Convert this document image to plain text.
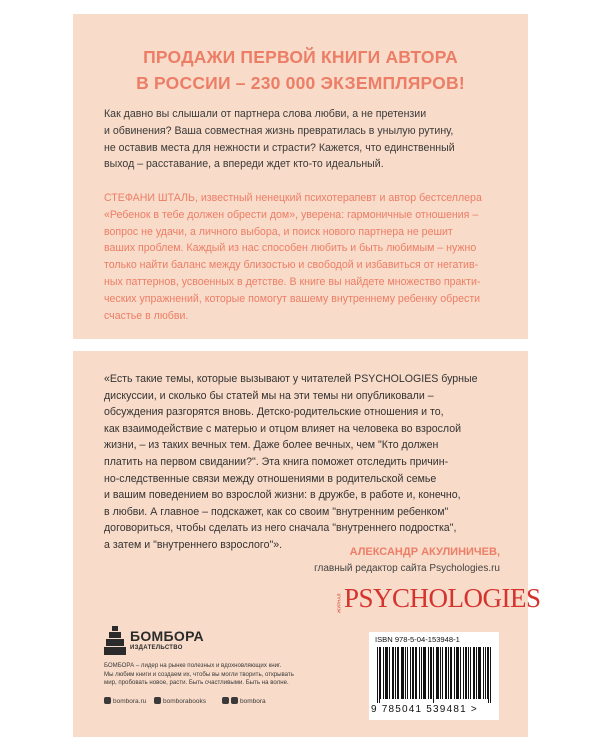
ПРОДАЖИ ПЕРВОЙ КНИГИ АВТОРА
В РОССИИ – 230 000 ЭКЗЕМПЛЯРОВ!
Как давно вы слышали от партнера слова любви, а не претензии
и обвинения? Ваша совместная жизнь превратилась в унылую рутину,
не оставив места для нежности и страсти? Кажется, что единственный
выход – расставание, а впереди ждет кто-то идеальный.
СТЕФАНИ ШТАЛЬ, известный ненецкий психотерапевт и автор бестселлера
«Ребенок в тебе должен обрести дом», уверена: гармоничные отношения –
вопрос не удачи, а личного выбора, и поиск нового партнера не решит
ваших проблем. Каждый из нас способен любить и быть любимым – нужно
только найти баланс между близостью и свободой и избавиться от негатив-
ных паттернов, усвоенных в детстве. В книге вы найдете множество практи-
ческих упражнений, которые помогут вашему внутреннему ребенку обрести
счастье в любви.
«Есть такие темы, которые вызывают у читателей PSYCHOLOGIES бурные
дискуссии, и сколько бы статей мы на эти темы ни опубликовали –
обсуждения разгорятся вновь. Детско-родительские отношения и то,
как взаимодействие с матерью и отцом влияет на человека во взрослой
жизни, – из таких вечных тем. Даже более вечных, чем "Кто должен
платить на первом свидании?". Эта книга поможет отследить причин-
но-следственные связи между отношениями в родительской семье
и вашим поведением во взрослой жизни: в дружбе, в работе и, конечно,
в любви. А главное – подскажет, как со своим "внутренним ребенком"
договориться, чтобы сделать из него сначала "внутреннего подростка",
а затем и "внутреннего взрослого"».
АЛЕКСАНДР АКУЛИНИЧЕВ,
главный редактор сайта Psychologies.ru
ЖУРНАЛ PSYCHOLOGIES
БОМБОРА
ИЗДАТЕЛЬСТВО
БОМБОРА – лидер на рынке полезных и вдохновляющих книг.
Мы любим книги и создаем их, чтобы вы могли творить, открывать
мир, пробовать новое, расти. Быть счастливыми. Быть на волне.
bombora.ru	bomborabooks	bombora
ISBN 978-5-04-153948-1
9 785041 539481 >
